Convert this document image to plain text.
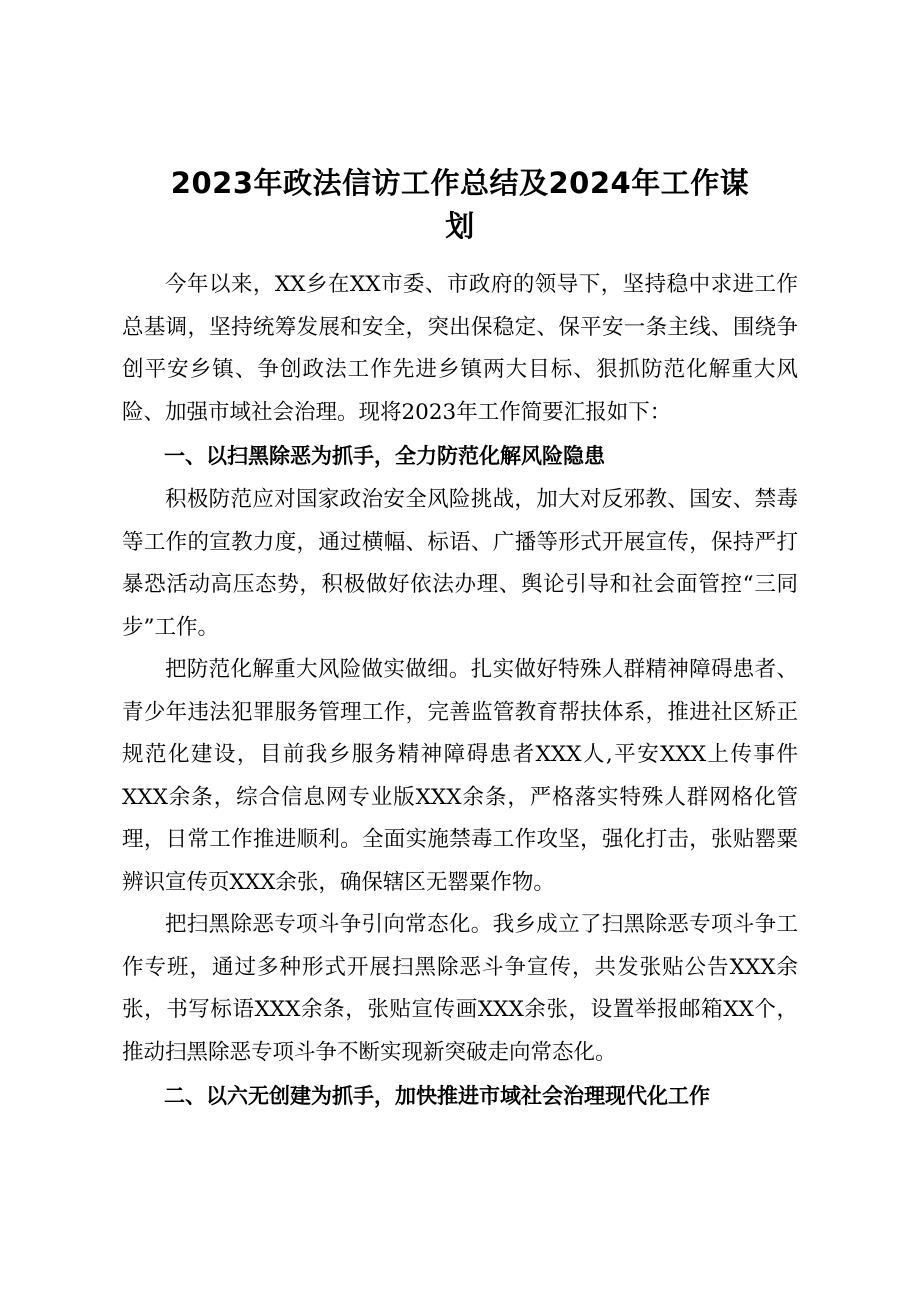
2023年政法信访工作总结及2024年工作谋
划

今年以来，XX乡在XX市委、市政府的领导下，坚持稳中求进工作总基调，坚持统筹发展和安全，突出保稳定、保平安一条主线、围绕争创平安乡镇、争创政法工作先进乡镇两大目标、狠抓防范化解重大风险、加强市域社会治理。现将2023年工作简要汇报如下：

一、以扫黑除恶为抓手，全力防范化解风险隐患

积极防范应对国家政治安全风险挑战，加大对反邪教、国安、禁毒等工作的宣教力度，通过横幅、标语、广播等形式开展宣传，保持严打暴恐活动高压态势，积极做好依法办理、舆论引导和社会面管控“三同步”工作。

把防范化解重大风险做实做细。扎实做好特殊人群精神障碍患者、青少年违法犯罪服务管理工作，完善监管教育帮扶体系，推进社区矫正规范化建设，目前我乡服务精神障碍患者XXX人,平安XXX上传事件XXX余条，综合信息网专业版XXX余条，严格落实特殊人群网格化管理，日常工作推进顺利。全面实施禁毒工作攻坚，强化打击，张贴罂粟辨识宣传页XXX余张，确保辖区无罂粟作物。

把扫黑除恶专项斗争引向常态化。我乡成立了扫黑除恶专项斗争工作专班，通过多种形式开展扫黑除恶斗争宣传，共发张贴公告XXX余张，书写标语XXX余条，张贴宣传画XXX余张，设置举报邮箱XX个，推动扫黑除恶专项斗争不断实现新突破走向常态化。

二、以六无创建为抓手，加快推进市域社会治理现代化工作
